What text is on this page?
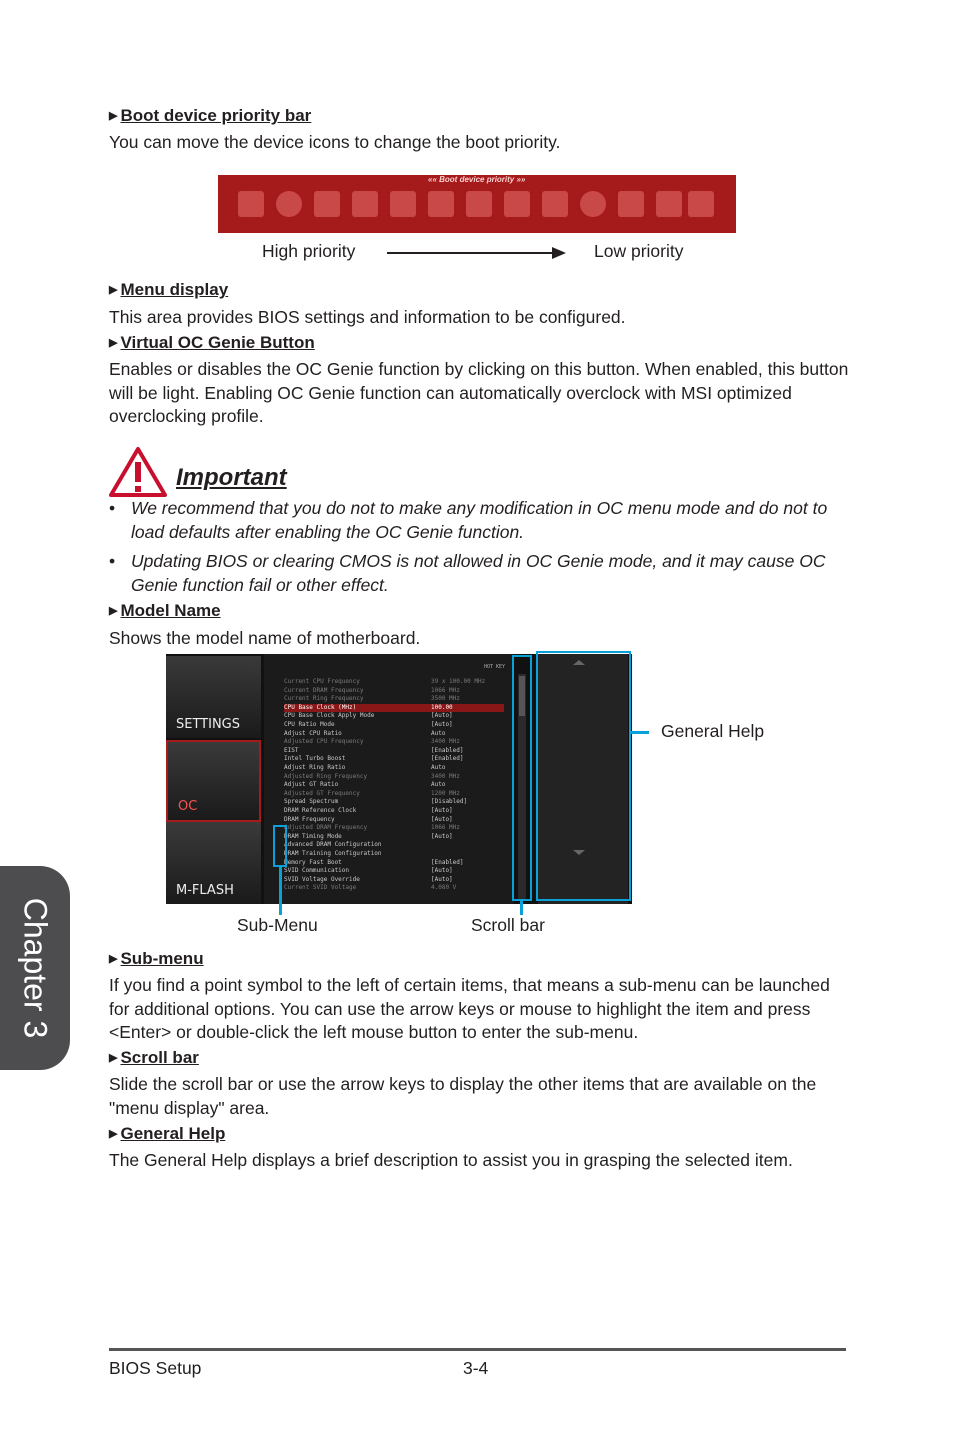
▶ Boot device priority bar
You can move the device icons to change the boot priority.
«« Boot device priority »»
High priority	Low priority
▶ Menu display
This area provides BIOS settings and information to be configured.
▶ Virtual OC Genie Button
Enables or disables the OC Genie function by clicking on this button. When enabled, this button will be light. Enabling OC Genie function can automatically overclock with MSI optimized overclocking profile.
Important
• We recommend that you do not to make any modification in OC menu mode and do not to load defaults after enabling the OC Genie function.
• Updating BIOS or clearing CMOS is not allowed in OC Genie mode, and it may cause OC Genie function fail or other effect.
▶ Model Name
Shows the model name of motherboard.
SETTINGS
OC
M-FLASH
HOT KEY
Current CPU Frequency	39 x 100.00 MHz
Current DRAM Frequency	1066 MHz
Current Ring Frequency	3500 MHz
CPU Base Clock (MHz)	100.00
CPU Base Clock Apply Mode	[Auto]
CPU Ratio Mode	[Auto]
Adjust CPU Ratio	Auto
Adjusted CPU Frequency	3400 MHz
EIST	[Enabled]
Intel Turbo Boost	[Enabled]
Adjust Ring Ratio	Auto
Adjusted Ring Frequency	3400 MHz
Adjust GT Ratio	Auto
Adjusted GT Frequency	1200 MHz
Spread Spectrum	[Disabled]
DRAM Reference Clock	[Auto]
DRAM Frequency	[Auto]
Adjusted DRAM Frequency	1066 MHz
DRAM Timing Mode	[Auto]
Advanced DRAM Configuration
DRAM Training Configuration
Memory Fast Boot	[Enabled]
SVID Communication	[Auto]
SVID Voltage Override	[Auto]
Current SVID Voltage	4.080 V
General Help
Scroll bar
Sub-Menu
▶ Sub-menu
If you find a point symbol to the left of certain items, that means a sub-menu can be launched for additional options. You can use the arrow keys or mouse to highlight the item and press <Enter> or double-click the left mouse button to enter the sub-menu.
▶ Scroll bar
Slide the scroll bar or use the arrow keys to display the other items that are available on the "menu display" area.
▶ General Help
The General Help displays a brief description to assist you in grasping the selected item.
Chapter 3
BIOS Setup	3-4
